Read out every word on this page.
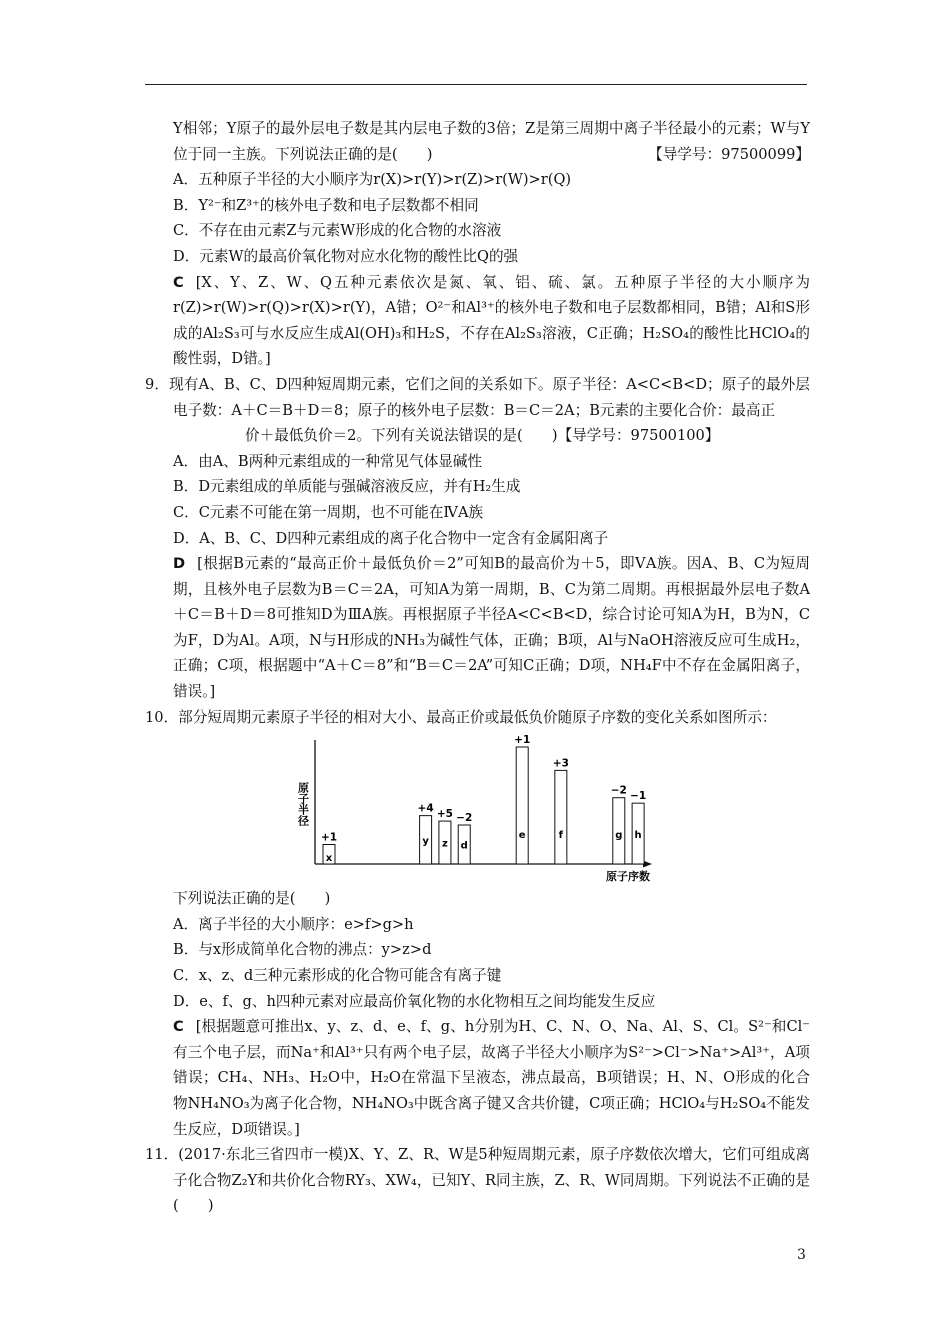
Y相邻；Y原子的最外层电子数是其内层电子数的3倍；Z是第三周期中离子半径最小的元素；W与Y位于同一主族。下列说法正确的是(　　)	【导学号：97500099】

A．五种原子半径的大小顺序为r(X)>r(Y)>r(Z)>r(W)>r(Q)

B．Y²⁻和Z³⁺的核外电子数和电子层数都不相同

C．不存在由元素Z与元素W形成的化合物的水溶液

D．元素W的最高价氧化物对应水化物的酸性比Q的强

C [X、Y、Z、W、Q五种元素依次是氮、氧、铝、硫、氯。五种原子半径的大小顺序为r(Z)>r(W)>r(Q)>r(X)>r(Y)，A错；O²⁻和Al³⁺的核外电子数和电子层数都相同，B错；Al和S形成的Al₂S₃可与水反应生成Al(OH)₃和H₂S，不存在Al₂S₃溶液，C正确；H₂SO₄的酸性比HClO₄的酸性弱，D错。]

9．现有A、B、C、D四种短周期元素，它们之间的关系如下。原子半径：A<C<B<D；原子的最外层电子数：A＋C＝B＋D＝8；原子的核外电子层数：B＝C＝2A；B元素的主要化合价：最高正

价＋最低负价＝2。下列有关说法错误的是(　　)【导学号：97500100】

A．由A、B两种元素组成的一种常见气体显碱性

B．D元素组成的单质能与强碱溶液反应，并有H₂生成

C．C元素不可能在第一周期，也不可能在ⅣA族

D．A、B、C、D四种元素组成的离子化合物中一定含有金属阳离子

D [根据B元素的“最高正价＋最低负价＝2”可知B的最高价为＋5，即ⅤA族。因A、B、C为短周期，且核外电子层数为B＝C＝2A，可知A为第一周期，B、C为第二周期。再根据最外层电子数A＋C＝B＋D＝8可推知D为ⅢA族。再根据原子半径A<C<B<D，综合讨论可知A为H，B为N，C为F，D为Al。A项，N与H形成的NH₃为碱性气体，正确；B项，Al与NaOH溶液反应可生成H₂，正确；C项，根据题中“A＋C＝8”和“B＝C＝2A”可知C正确；D项，NH₄F中不存在金属阳离子，错误。]

10．部分短周期元素原子半径的相对大小、最高正价或最低负价随原子序数的变化关系如图所示：

原子半径
原子序数
x
+1	y
+4
z
+5
d
−2
e
+1
f
+3
g
−2
h
−1

下列说法正确的是(　　)

A．离子半径的大小顺序：e>f>g>h

B．与x形成简单化合物的沸点：y>z>d

C．x、z、d三种元素形成的化合物可能含有离子键

D．e、f、g、h四种元素对应最高价氧化物的水化物相互之间均能发生反应

C [根据题意可推出x、y、z、d、e、f、g、h分别为H、C、N、O、Na、Al、S、Cl。S²⁻和Cl⁻有三个电子层，而Na⁺和Al³⁺只有两个电子层，故离子半径大小顺序为S²⁻>Cl⁻>Na⁺>Al³⁺，A项错误；CH₄、NH₃、H₂O中，H₂O在常温下呈液态，沸点最高，B项错误；H、N、O形成的化合物NH₄NO₃为离子化合物，NH₄NO₃中既含离子键又含共价键，C项正确；HClO₄与H₂SO₄不能发生反应，D项错误。]

11．(2017·东北三省四市一模)X、Y、Z、R、W是5种短周期元素，原子序数依次增大，它们可组成离子化合物Z₂Y和共价化合物RY₃、XW₄，已知Y、R同主族，Z、R、W同周期。下列说法不正确的是(　　)

3
